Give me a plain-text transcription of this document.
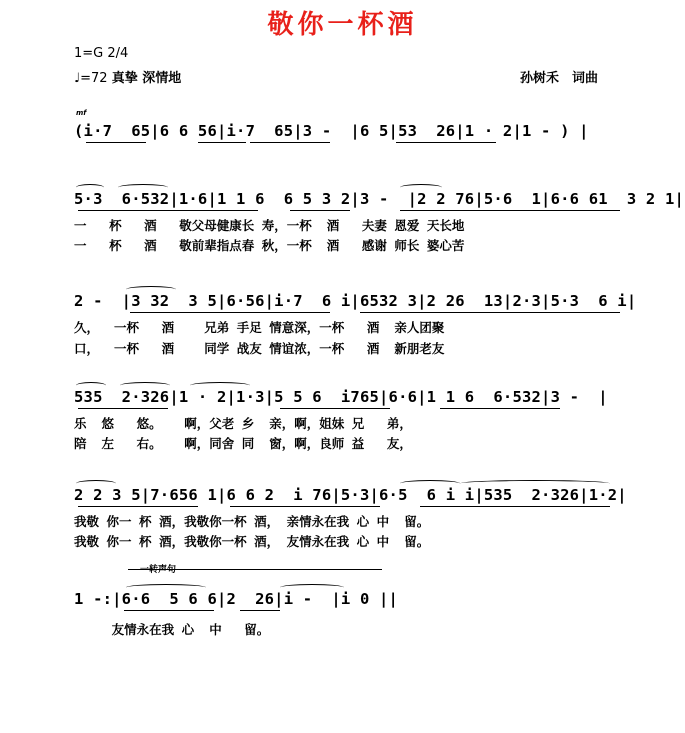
敬你一杯酒
1=G 2/4
♩=72 真挚 深情地	孙树禾　词曲
mf
(i·7  65|6 6 56|i·7  65|3 -  |6 5|53  26|1 · 2|1 - ) |
5·3  6·532|1·6|1 1 6  6 5 3 2|3 -  |2 2 76|5·6  1|6·6 61  3 2 1|
一   杯   酒   敬父母健康长 寿，一杯  酒   夫妻 恩爱 天长地
一   杯   酒   敬前辈指点春 秋，一杯  酒   感谢 师长 婆心苦
2 -  |3 32  3 5|6·56|i·7  6 i|6532 3|2 26  13|2·3|5·3  6 i|
久，  一杯   酒    兄弟 手足 情意深，一杯   酒  亲人团聚
口，  一杯   酒    同学 战友 情谊浓，一杯   酒  新朋老友
535  2·326|1 · 2|1·3|5 5 6  i765|6·6|1 1 6  6·532|3 -  |
乐  悠   悠。   啊，父老 乡  亲，啊，姐妹 兄   弟，
陪  左   右。   啊，同舍 同  窗，啊，良师 益   友，
2 2 3 5|7·656 1|6 6 2  i 76|5·3|6·5  6 i i|535  2·326|1·2|
我敬 你一 杯 酒，我敬你一杯 酒， 亲情永在我 心 中  留。
我敬 你一 杯 酒，我敬你一杯 酒， 友情永在我 心 中  留。
1 -:|6·6  5 6 6|2  26|i -  |i 0 ||
友情永在我 心  中   留。
